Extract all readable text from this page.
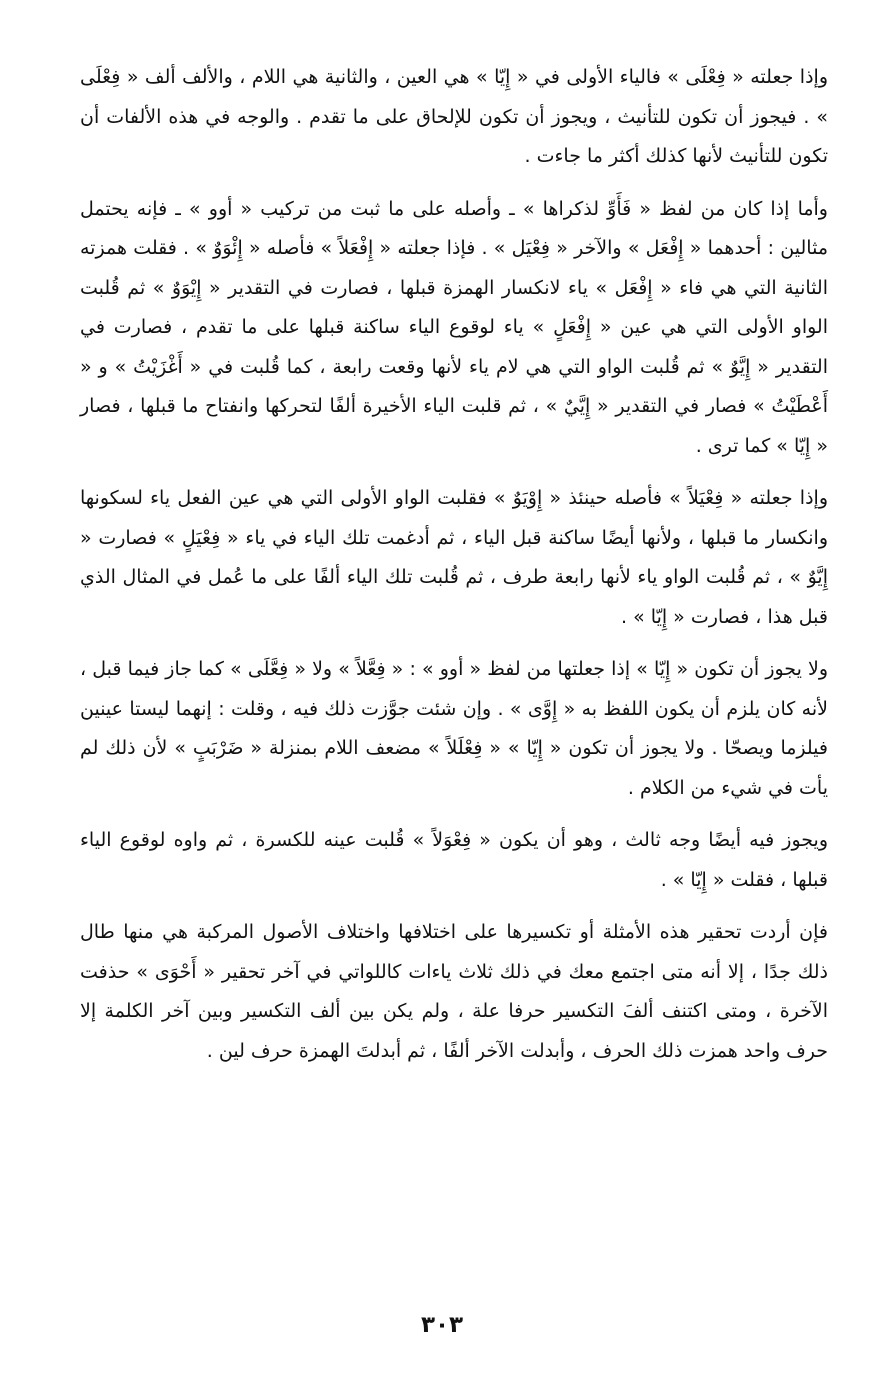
وإذا جعلته « فِعْلَى » فالياء الأولى في « إِيّا » هي العين ، والثانية هي اللام ، والألف ألف « فِعْلَى » . فيجوز أن تكون للتأنيث ، ويجوز أن تكون للإلحاق على ما تقدم . والوجه في هذه الألفات أن تكون للتأنيث لأنها كذلك أكثر ما جاءت .

وأما إذا كان من لفظ « فَأَوِّ لذكراها » ـ وأصله على ما ثبت من تركيب « أوو » ـ فإنه يحتمل مثالين : أحدهما « إِفْعَل » والآخر « فِعْيَل » . فإذا جعلته « إِفْعَلاً » فأصله « إِئْوَوٌ » . فقلت همزته الثانية التي هي فاء « إِفْعَل » ياء لانكسار الهمزة قبلها ، فصارت في التقدير « إِيْوَوٌ » ثم قُلبت الواو الأولى التي هي عين « إِفْعَلٍ » ياء لوقوع الياء ساكنة قبلها على ما تقدم ، فصارت في التقدير « إِيَّوٌ » ثم قُلبت الواو التي هي لام ياء لأنها وقعت رابعة ، كما قُلبت في « أَغْزَيْتُ » و « أَعْطَيْتُ » فصار في التقدير « إِيَّيٌ » ، ثم قلبت الياء الأخيرة ألفًا لتحركها وانفتاح ما قبلها ، فصار « إِيّا » كما ترى .

وإذا جعلته « فِعْيَلاً » فأصله حينئذ « إِوْيَوٌ » فقلبت الواو الأولى التي هي عين الفعل ياء لسكونها وانكسار ما قبلها ، ولأنها أيضًا ساكنة قبل الياء ، ثم أدغمت تلك الياء في ياء « فِعْيَلٍ » فصارت « إِيَّوٌ » ، ثم قُلبت الواو ياء لأنها رابعة طرف ، ثم قُلبت تلك الياء ألفًا على ما عُمل في المثال الذي قبل هذا ، فصارت « إِيّا » .

ولا يجوز أن تكون « إِيّا » إذا جعلتها من لفظ « أوو » : « فِعَّلاً » ولا « فِعَّلَى » كما جاز فيما قبل ، لأنه كان يلزم أن يكون اللفظ به « إِوَّى » . وإن شئت جوَّزت ذلك فيه ، وقلت : إنهما ليستا عينين فيلزما ويصحّا . ولا يجوز أن تكون « إِيّا » « فِعْلَلاً » مضعف اللام بمنزلة « ضَرْبَبٍ » لأن ذلك لم يأت في شيء من الكلام .

ويجوز فيه أيضًا وجه ثالث ، وهو أن يكون « فِعْوَلاً » قُلبت عينه للكسرة ، ثم واوه لوقوع الياء قبلها ، فقلت « إِيّا » .

فإن أردت تحقير هذه الأمثلة أو تكسيرها على اختلافها واختلاف الأصول المركبة هي منها طال ذلك جدًا ، إلا أنه متى اجتمع معك في ذلك ثلاث ياءات كاللواتي في آخر تحقير « أَحْوَى » حذفت الآخرة ، ومتى اكتنف ألفَ التكسير حرفا علة ، ولم يكن بين ألف التكسير وبين آخر الكلمة إلا حرف واحد همزت ذلك الحرف ، وأبدلت الآخر ألفًا ، ثم أبدلتَ الهمزة حرف لين .

٣٠٣
